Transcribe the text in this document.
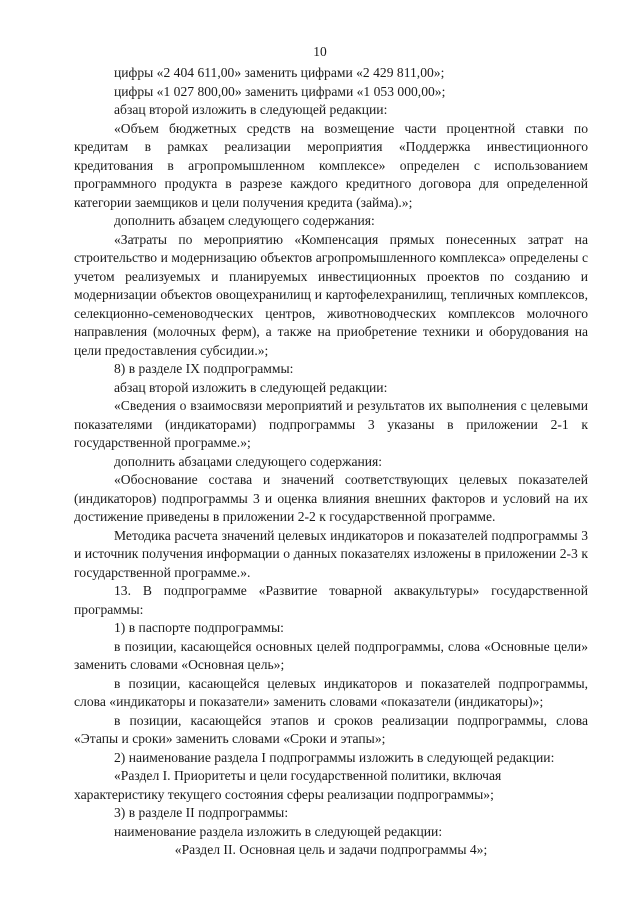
10

цифры «2 404 611,00» заменить цифрами «2 429 811,00»;

цифры «1 027 800,00» заменить цифрами «1 053 000,00»;

абзац второй изложить в следующей редакции:

«Объем бюджетных средств на возмещение части процентной ставки по кредитам в рамках реализации мероприятия «Поддержка инвестиционного кредитования в агропромышленном комплексе» определен с использованием программного продукта в разрезе каждого кредитного договора для определенной категории заемщиков и цели получения кредита (займа).»;

дополнить абзацем следующего содержания:

«Затраты по мероприятию «Компенсация прямых понесенных затрат на строительство и модернизацию объектов агропромышленного комплекса» определены с учетом реализуемых и планируемых инвестиционных проектов по созданию и модернизации объектов овощехранилищ и картофелехранилищ, тепличных комплексов, селекционно-семеноводческих центров, животноводческих комплексов молочного направления (молочных ферм), а также на приобретение техники и оборудования на цели предоставления субсидии.»;

8) в разделе IX подпрограммы:

абзац второй изложить в следующей редакции:

«Сведения о взаимосвязи мероприятий и результатов их выполнения с целевыми показателями (индикаторами) подпрограммы 3 указаны в приложении 2-1 к государственной программе.»;

дополнить абзацами следующего содержания:

«Обоснование состава и значений соответствующих целевых показателей (индикаторов) подпрограммы 3 и оценка влияния внешних факторов и условий на их достижение приведены в приложении 2-2 к государственной программе.

Методика расчета значений целевых индикаторов и показателей подпрограммы 3 и источник получения информации о данных показателях изложены в приложении 2-3 к государственной программе.».

13. В подпрограмме «Развитие товарной аквакультуры» государственной программы:

1) в паспорте подпрограммы:

в позиции, касающейся основных целей подпрограммы, слова «Основные цели» заменить словами «Основная цель»;

в позиции, касающейся целевых индикаторов и показателей подпрограммы, слова «индикаторы и показатели» заменить словами «показатели (индикаторы)»;

в позиции, касающейся этапов и сроков реализации подпрограммы, слова «Этапы и сроки» заменить словами «Сроки и этапы»;

2) наименование раздела I подпрограммы изложить в следующей редакции:

«Раздел I. Приоритеты и цели государственной политики, включая характеристику текущего состояния сферы реализации подпрограммы»;

3) в разделе II подпрограммы:

наименование раздела изложить в следующей редакции:

«Раздел II. Основная цель и задачи подпрограммы 4»;
